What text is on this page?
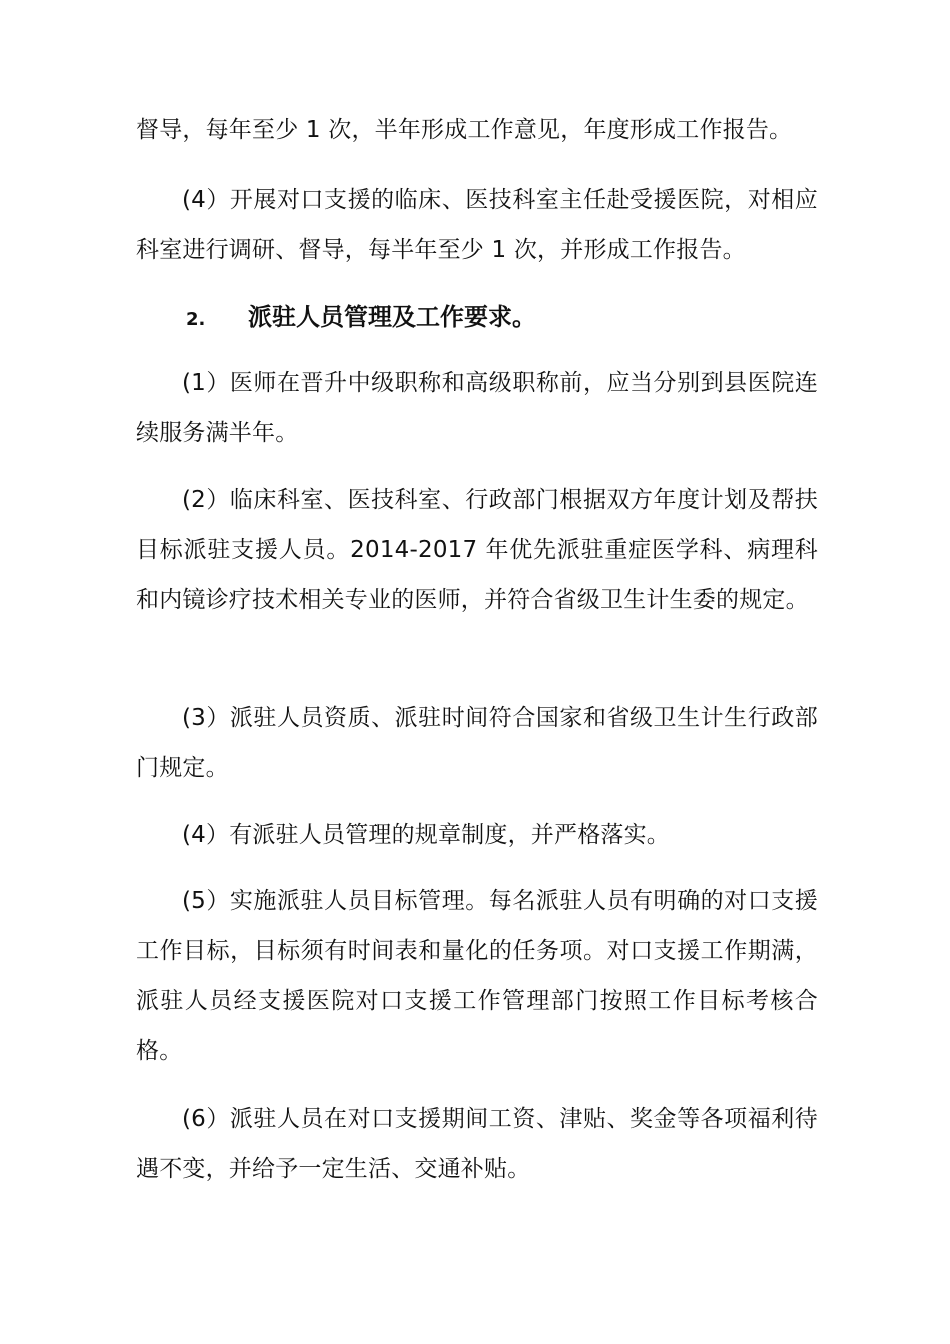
督导，每年至少 1 次，半年形成工作意见，年度形成工作报告。

(4）开展对口支援的临床、医技科室主任赴受援医院，对相应科室进行调研、督导，每半年至少 1 次，并形成工作报告。

2. 派驻人员管理及工作要求。

(1）医师在晋升中级职称和高级职称前，应当分别到县医院连续服务满半年。

(2）临床科室、医技科室、行政部门根据双方年度计划及帮扶目标派驻支援人员。2014-2017 年优先派驻重症医学科、病理科和内镜诊疗技术相关专业的医师，并符合省级卫生计生委的规定。

(3）派驻人员资质、派驻时间符合国家和省级卫生计生行政部门规定。

(4）有派驻人员管理的规章制度，并严格落实。

(5）实施派驻人员目标管理。每名派驻人员有明确的对口支援工作目标，目标须有时间表和量化的任务项。对口支援工作期满，派驻人员经支援医院对口支援工作管理部门按照工作目标考核合格。

(6）派驻人员在对口支援期间工资、津贴、奖金等各项福利待遇不变，并给予一定生活、交通补贴。
